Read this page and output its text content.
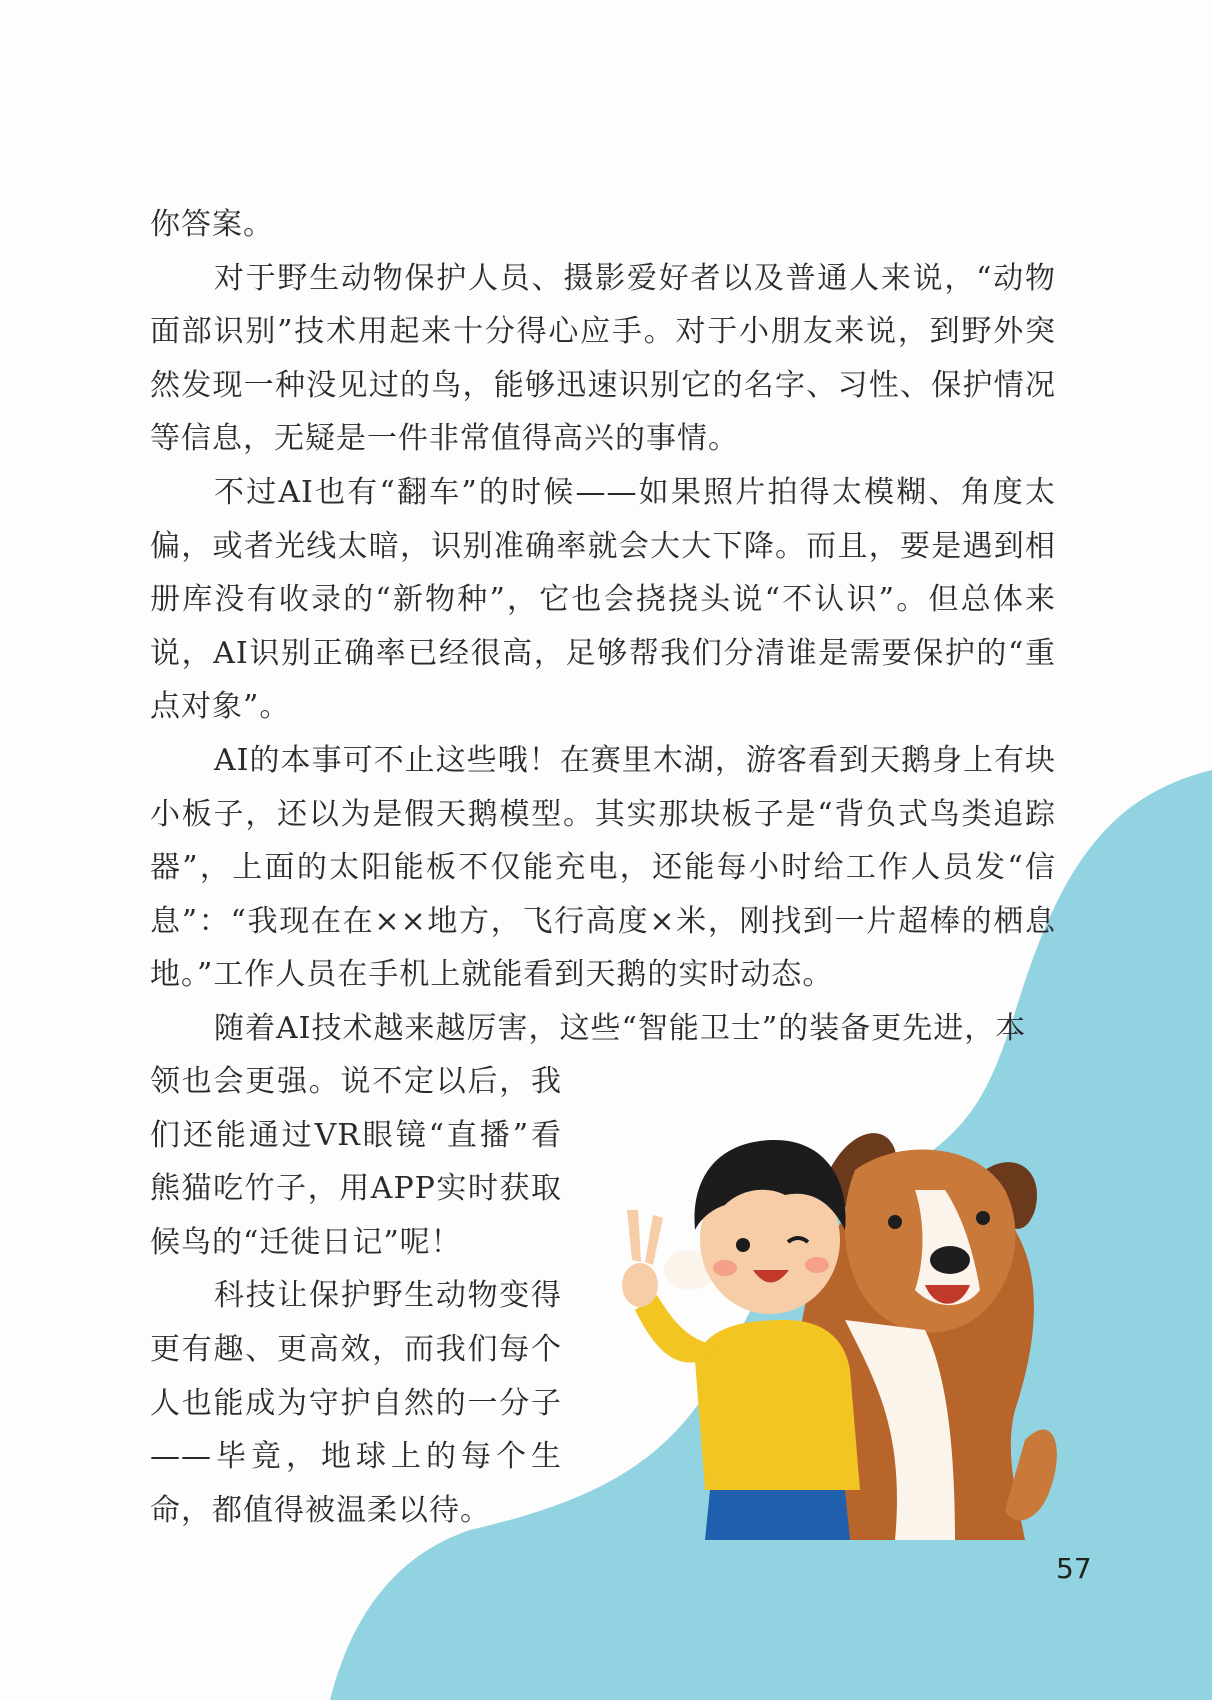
你答案。

对于野生动物保护人员、摄影爱好者以及普通人来说，“动物面部识别”技术用起来十分得心应手。对于小朋友来说，到野外突然发现一种没见过的鸟，能够迅速识别它的名字、习性、保护情况等信息，无疑是一件非常值得高兴的事情。

不过AI也有“翻车”的时候——如果照片拍得太模糊、角度太偏，或者光线太暗，识别准确率就会大大下降。而且，要是遇到相册库没有收录的“新物种”，它也会挠挠头说“不认识”。但总体来说，AI识别正确率已经很高，足够帮我们分清谁是需要保护的“重点对象”。

AI的本事可不止这些哦！在赛里木湖，游客看到天鹅身上有块小板子，还以为是假天鹅模型。其实那块板子是“背负式鸟类追踪器”，上面的太阳能板不仅能充电，还能每小时给工作人员发“信息”：“我现在在××地方，飞行高度×米，刚找到一片超棒的栖息地。”工作人员在手机上就能看到天鹅的实时动态。

随着AI技术越来越厉害，这些“智能卫士”的装备更先进，本

领也会更强。说不定以后，我们还能通过VR眼镜“直播”看熊猫吃竹子，用APP实时获取候鸟的“迁徙日记”呢！

科技让保护野生动物变得更有趣、更高效，而我们每个人也能成为守护自然的一分子——毕竟，地球上的每个生命，都值得被温柔以待。

57
